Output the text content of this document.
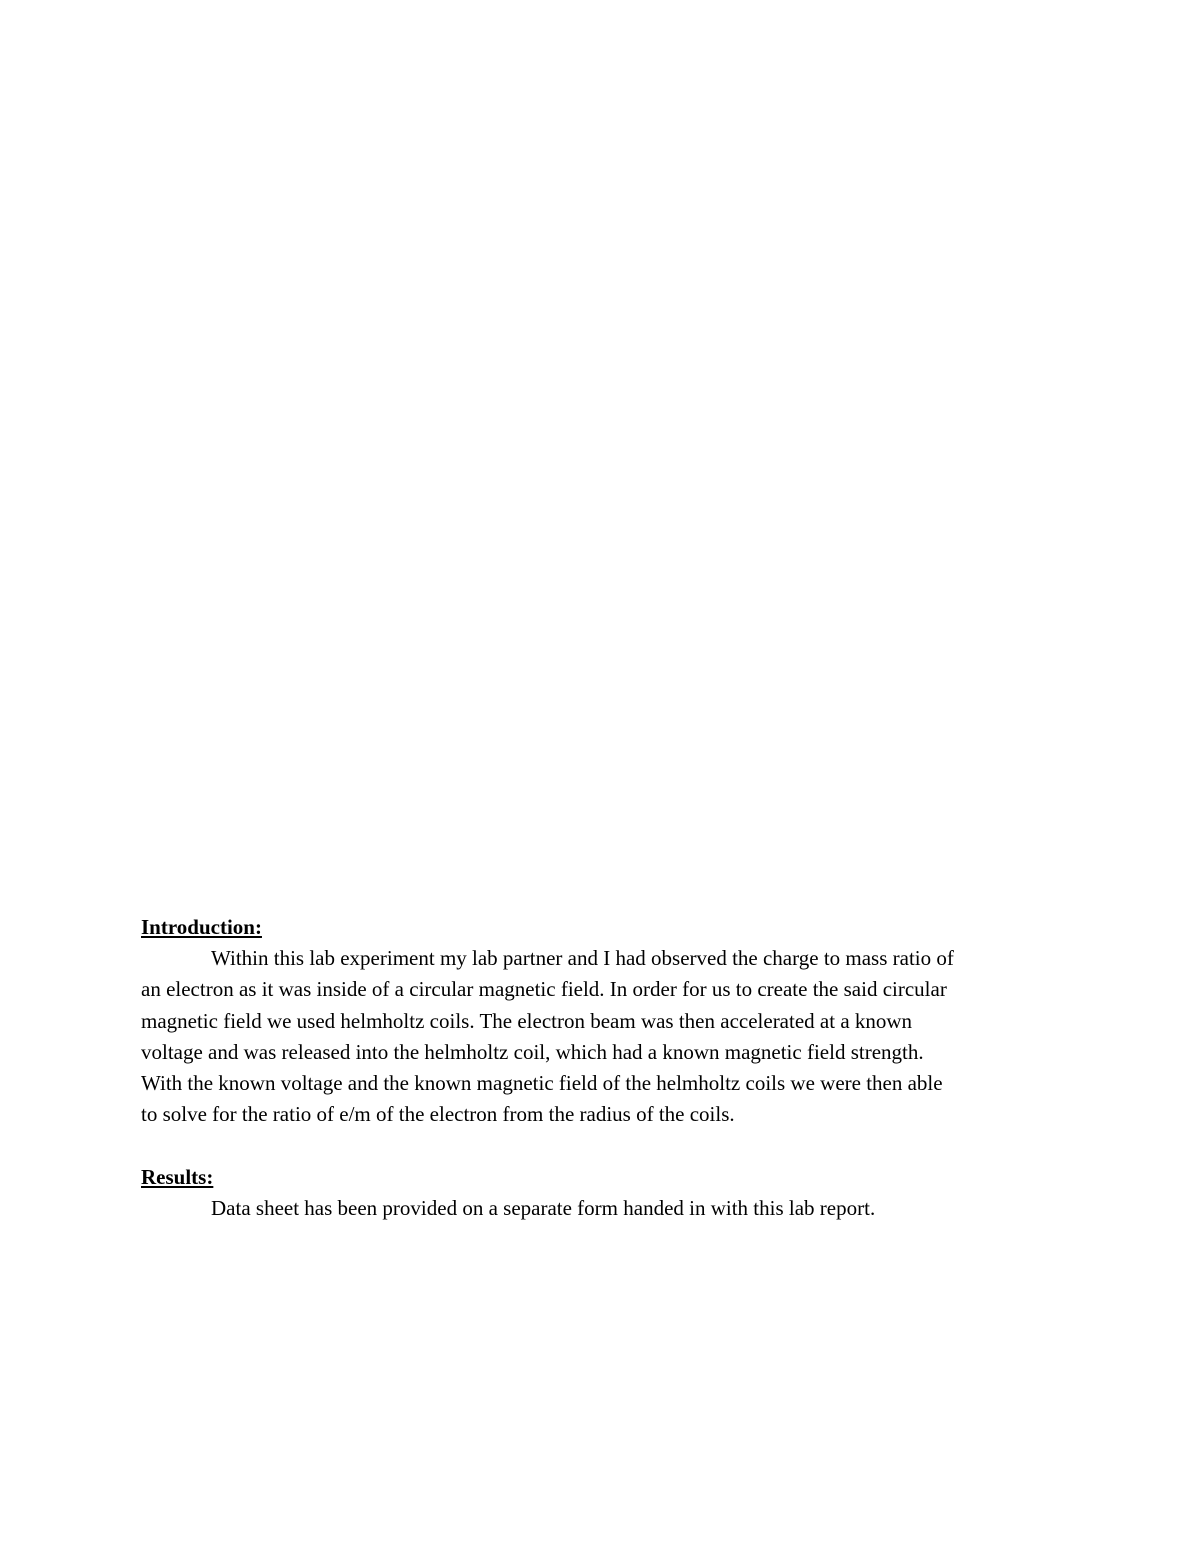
Introduction:

Within this lab experiment my lab partner and I had observed the charge to mass ratio of

an electron as it was inside of a circular magnetic field. In order for us to create the said circular

magnetic field we used helmholtz coils. The electron beam was then accelerated at a known

voltage and was released into the helmholtz coil, which had a known magnetic field strength.

With the known voltage and the known magnetic field of the helmholtz coils we were then able

to solve for the ratio of e/m of the electron from the radius of the coils.

Results:

Data sheet has been provided on a separate form handed in with this lab report.
